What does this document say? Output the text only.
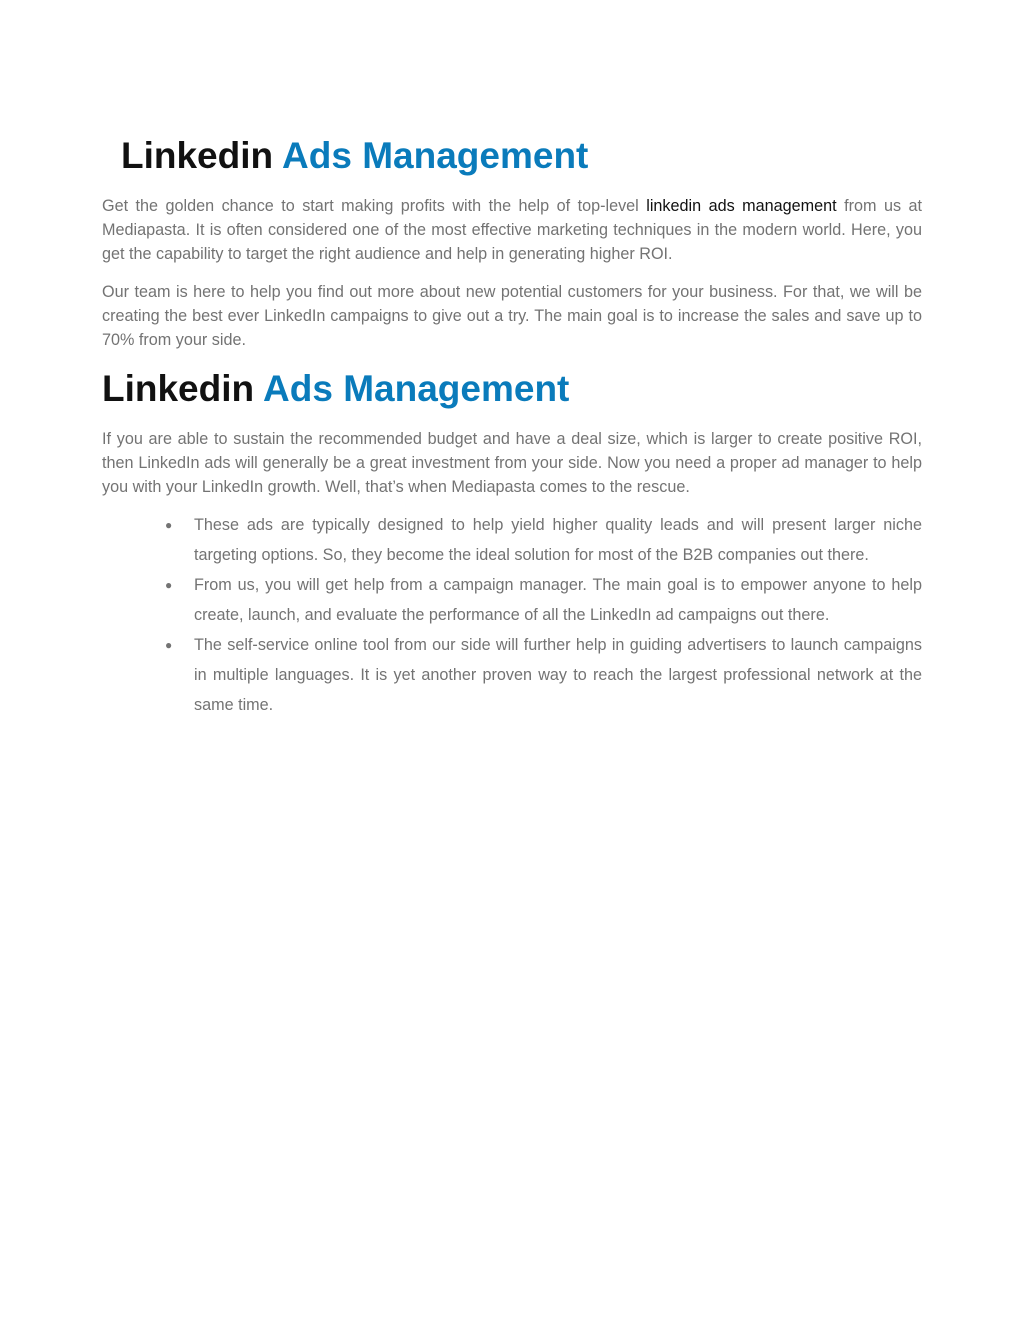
Linkedin Ads Management

Get the golden chance to start making profits with the help of top-level linkedin ads management from us at Mediapasta. It is often considered one of the most effective marketing techniques in the modern world. Here, you get the capability to target the right audience and help in generating higher ROI.

Our team is here to help you find out more about new potential customers for your business. For that, we will be creating the best ever LinkedIn campaigns to give out a try. The main goal is to increase the sales and save up to 70% from your side.

Linkedin Ads Management

If you are able to sustain the recommended budget and have a deal size, which is larger to create positive ROI, then LinkedIn ads will generally be a great investment from your side. Now you need a proper ad manager to help you with your LinkedIn growth. Well, that’s when Mediapasta comes to the rescue.

● These ads are typically designed to help yield higher quality leads and will present larger niche targeting options. So, they become the ideal solution for most of the B2B companies out there.
● From us, you will get help from a campaign manager. The main goal is to empower anyone to help create, launch, and evaluate the performance of all the LinkedIn ad campaigns out there.
● The self-service online tool from our side will further help in guiding advertisers to launch campaigns in multiple languages. It is yet another proven way to reach the largest professional network at the same time.
